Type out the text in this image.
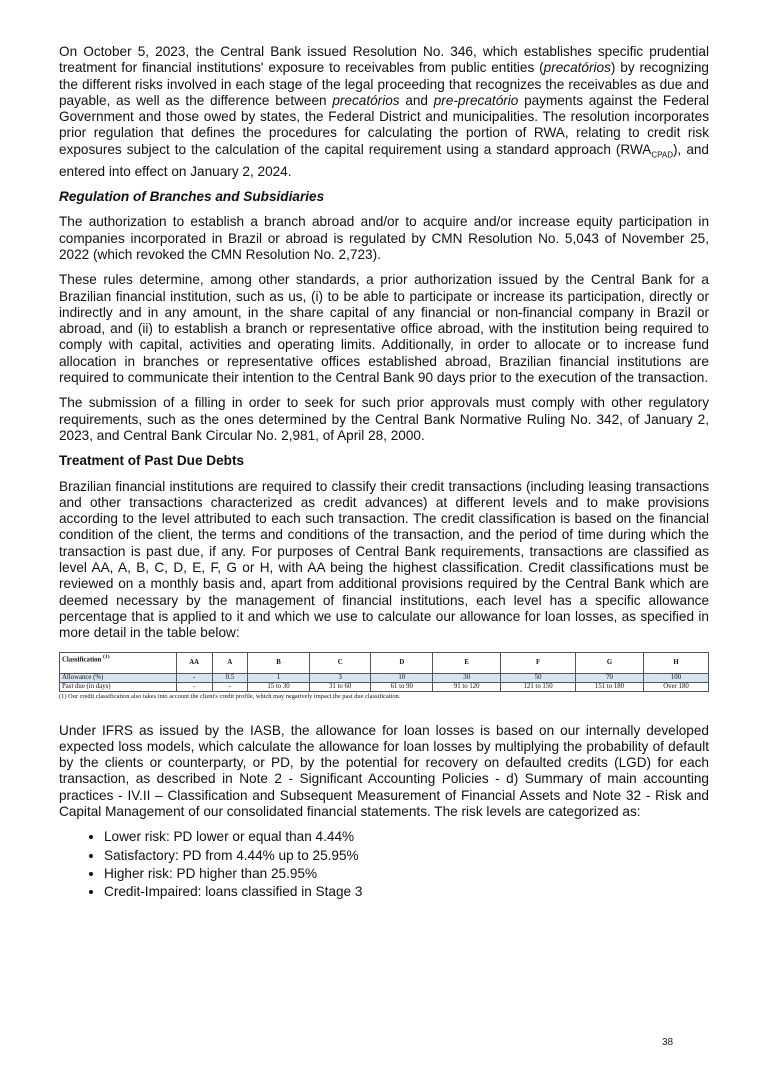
On October 5, 2023, the Central Bank issued Resolution No. 346, which establishes specific prudential treatment for financial institutions' exposure to receivables from public entities (precatórios) by recognizing the different risks involved in each stage of the legal proceeding that recognizes the receivables as due and payable, as well as the difference between precatórios and pre-precatório payments against the Federal Government and those owed by states, the Federal District and municipalities. The resolution incorporates prior regulation that defines the procedures for calculating the portion of RWA, relating to credit risk exposures subject to the calculation of the capital requirement using a standard approach $(RWA_{CPAD})$, and entered into effect on January 2, 2024.

Regulation of Branches and Subsidiaries

The authorization to establish a branch abroad and/or to acquire and/or increase equity participation in companies incorporated in Brazil or abroad is regulated by CMN Resolution No. 5,043 of November 25, 2022 (which revoked the CMN Resolution No. 2,723).

These rules determine, among other standards, a prior authorization issued by the Central Bank for a Brazilian financial institution, such as us, (i) to be able to participate or increase its participation, directly or indirectly and in any amount, in the share capital of any financial or non-financial company in Brazil or abroad, and (ii) to establish a branch or representative office abroad, with the institution being required to comply with capital, activities and operating limits. Additionally, in order to allocate or to increase fund allocation in branches or representative offices established abroad, Brazilian financial institutions are required to communicate their intention to the Central Bank 90 days prior to the execution of the transaction.

The submission of a filling in order to seek for such prior approvals must comply with other regulatory requirements, such as the ones determined by the Central Bank Normative Ruling No. 342, of January 2, 2023, and Central Bank Circular No. 2,981, of April 28, 2000.

Treatment of Past Due Debts

Brazilian financial institutions are required to classify their credit transactions (including leasing transactions and other transactions characterized as credit advances) at different levels and to make provisions according to the level attributed to each such transaction. The credit classification is based on the financial condition of the client, the terms and conditions of the transaction, and the period of time during which the transaction is past due, if any. For purposes of Central Bank requirements, transactions are classified as level AA, A, B, C, D, E, F, G or H, with AA being the highest classification. Credit classifications must be reviewed on a monthly basis and, apart from additional provisions required by the Central Bank which are deemed necessary by the management of financial institutions, each level has a specific allowance percentage that is applied to it and which we use to calculate our allowance for loan losses, as specified in more detail in the table below:

Classification $^{(1)}$	AA	A	B	C	D	E	F	G	H
Allowance (%)	-	0.5	1	3	10	30	50	70	100
Past due (in days)	-	-	15 to 30	31 to 60	61 to 90	91 to 120	121 to 150	151 to 180	Over 180
(1) Our credit classification also takes into account the client's credit profile, which may negatively impact the past due classification.

Under IFRS as issued by the IASB, the allowance for loan losses is based on our internally developed expected loss models, which calculate the allowance for loan losses by multiplying the probability of default by the clients or counterparty, or PD, by the potential for recovery on defaulted credits (LGD) for each transaction, as described in Note 2 - Significant Accounting Policies - d) Summary of main accounting practices - IV.II – Classification and Subsequent Measurement of Financial Assets and Note 32 - Risk and Capital Management of our consolidated financial statements. The risk levels are categorized as:

• Lower risk: PD lower or equal than 4.44%
• Satisfactory: PD from 4.44% up to 25.95%
• Higher risk: PD higher than 25.95%
• Credit-Impaired: loans classified in Stage 3
38
